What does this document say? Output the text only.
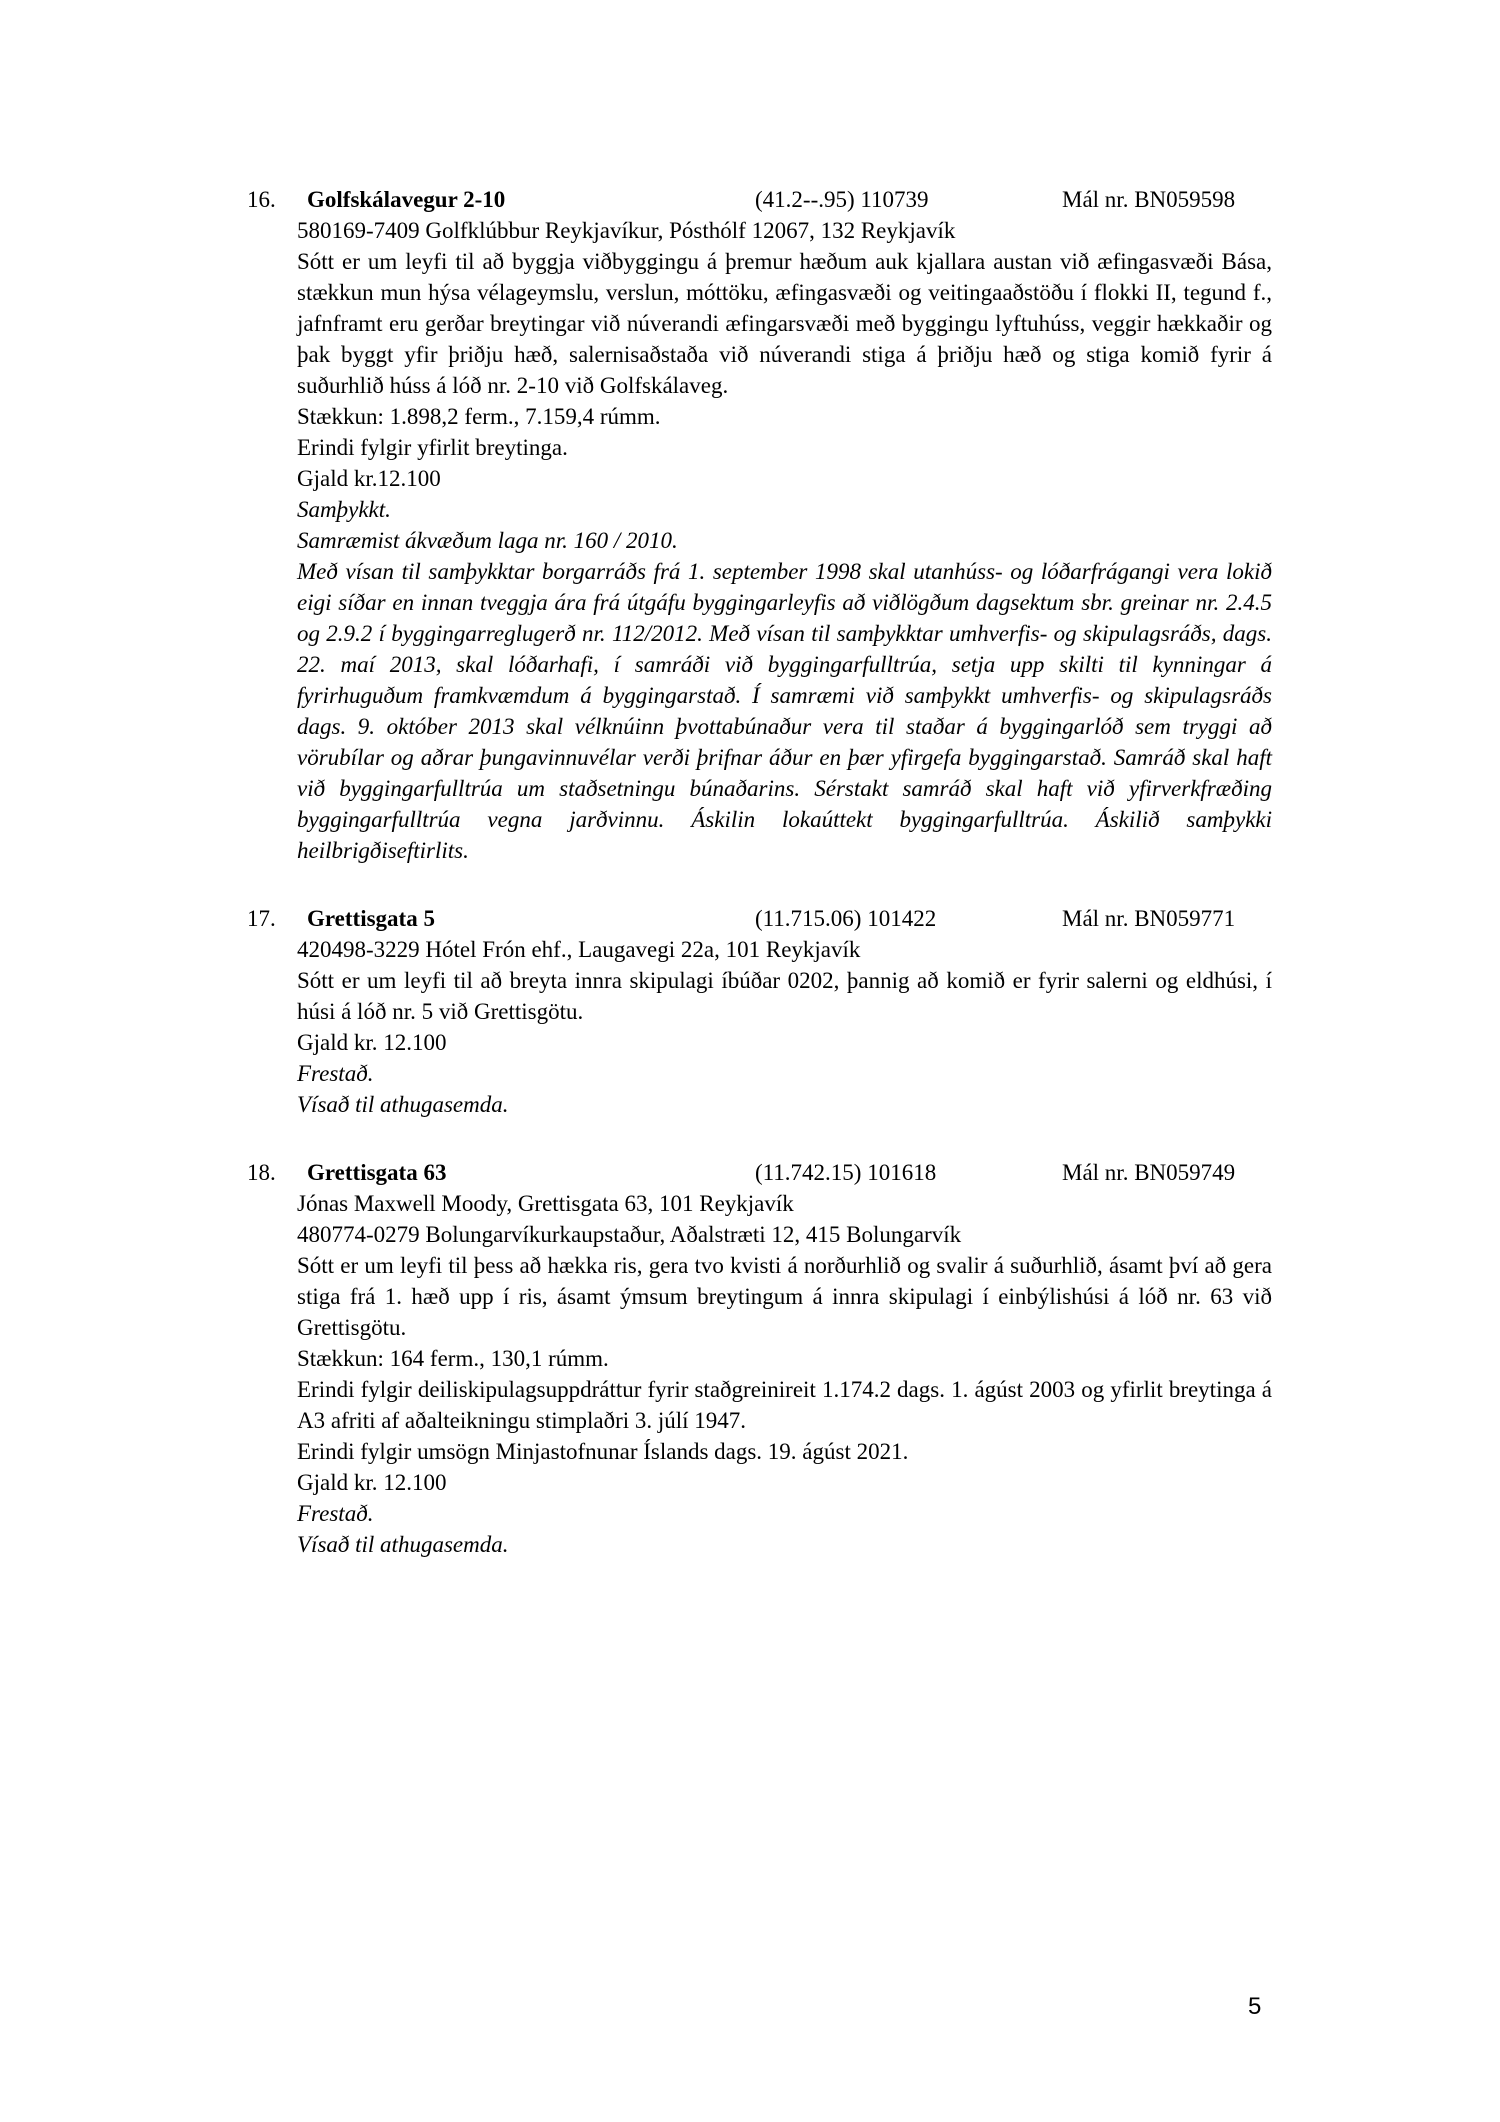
16.	Golfskálavegur 2-10	(41.2--.95) 110739	Mál nr. BN059598

580169-7409 Golfklúbbur Reykjavíkur, Pósthólf 12067, 132 Reykjavík

Sótt er um leyfi til að byggja viðbyggingu á þremur hæðum auk kjallara austan við æfingasvæði Bása, stækkun mun hýsa vélageymslu, verslun, móttöku, æfingasvæði og veitingaaðstöðu í flokki II, tegund f., jafnframt eru gerðar breytingar við núverandi æfingarsvæði með byggingu lyftuhúss, veggir hækkaðir og þak byggt yfir þriðju hæð, salernisaðstaða við núverandi stiga á þriðju hæð og stiga komið fyrir á suðurhlið húss á lóð nr. 2-10 við Golfskálaveg.

Stækkun: 1.898,2 ferm., 7.159,4 rúmm.

Erindi fylgir yfirlit breytinga.

Gjald kr.12.100

Samþykkt.

Samræmist ákvæðum laga nr. 160 / 2010.

Með vísan til samþykktar borgarráðs frá 1. september 1998 skal utanhúss- og lóðarfrágangi vera lokið eigi síðar en innan tveggja ára frá útgáfu byggingarleyfis að viðlögðum dagsektum sbr. greinar nr. 2.4.5 og 2.9.2 í byggingarreglugerð nr. 112/2012. Með vísan til samþykktar umhverfis- og skipulagsráðs, dags. 22. maí 2013, skal lóðarhafi, í samráði við byggingarfulltrúa, setja upp skilti til kynningar á fyrirhuguðum framkvæmdum á byggingarstað. Í samræmi við samþykkt umhverfis- og skipulagsráðs dags. 9. október 2013 skal vélknúinn þvottabúnaður vera til staðar á byggingarlóð sem tryggi að vörubílar og aðrar þungavinnuvélar verði þrifnar áður en þær yfirgefa byggingarstað. Samráð skal haft við byggingarfulltrúa um staðsetningu búnaðarins. Sérstakt samráð skal haft við yfirverkfræðing byggingarfulltrúa vegna jarðvinnu. Áskilin lokaúttekt byggingarfulltrúa. Áskilið samþykki heilbrigðiseftirlits.

17.	Grettisgata 5	(11.715.06) 101422	Mál nr. BN059771

420498-3229 Hótel Frón ehf., Laugavegi 22a, 101 Reykjavík

Sótt er um leyfi til að breyta innra skipulagi íbúðar 0202, þannig að komið er fyrir salerni og eldhúsi, í húsi á lóð nr. 5 við Grettisgötu.

Gjald kr. 12.100

Frestað.

Vísað til athugasemda.

18.	Grettisgata 63	(11.742.15) 101618	Mál nr. BN059749

Jónas Maxwell Moody, Grettisgata 63, 101 Reykjavík

480774-0279 Bolungarvíkurkaupstaður, Aðalstræti 12, 415 Bolungarvík

Sótt er um leyfi til þess að hækka ris, gera tvo kvisti á norðurhlið og svalir á suðurhlið, ásamt því að gera stiga frá 1. hæð upp í ris, ásamt ýmsum breytingum á innra skipulagi í einbýlishúsi á lóð nr. 63 við Grettisgötu.

Stækkun: 164 ferm., 130,1 rúmm.

Erindi fylgir deiliskipulagsuppdráttur fyrir staðgreinireit 1.174.2 dags. 1. ágúst 2003 og yfirlit breytinga á A3 afriti af aðalteikningu stimplaðri 3. júlí 1947.

Erindi fylgir umsögn Minjastofnunar Íslands dags. 19. ágúst 2021.

Gjald kr. 12.100

Frestað.

Vísað til athugasemda.

5
